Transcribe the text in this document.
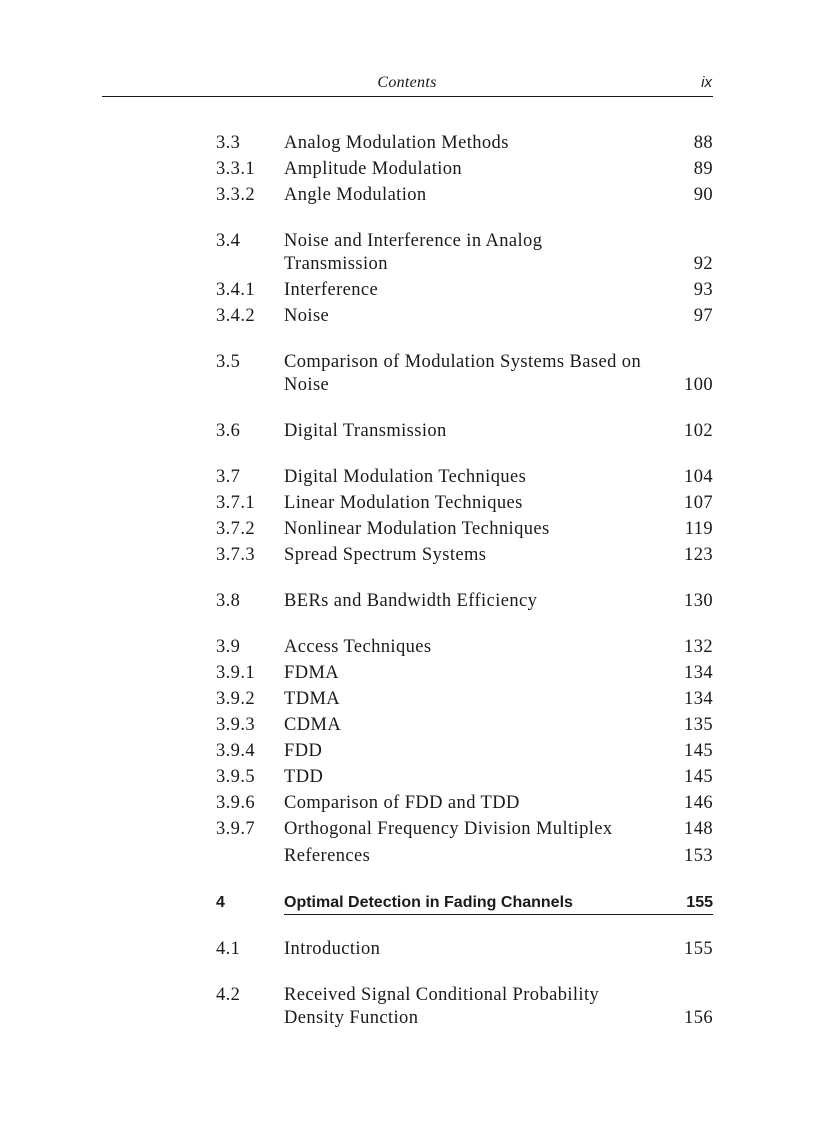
Contents	ix
3.3 Analog Modulation Methods	88
3.3.1 Amplitude Modulation	89
3.3.2 Angle Modulation	90
3.4 Noise and Interference in Analog
Transmission	92
3.4.1 Interference	93
3.4.2 Noise	97
3.5 Comparison of Modulation Systems Based on
Noise	100
3.6 Digital Transmission	102
3.7 Digital Modulation Techniques	104
3.7.1 Linear Modulation Techniques	107
3.7.2 Nonlinear Modulation Techniques	119
3.7.3 Spread Spectrum Systems	123
3.8 BERs and Bandwidth Efficiency	130
3.9 Access Techniques	132
3.9.1 FDMA	134
3.9.2 TDMA	134
3.9.3 CDMA	135
3.9.4 FDD	145
3.9.5 TDD	145
3.9.6 Comparison of FDD and TDD	146
3.9.7 Orthogonal Frequency Division Multiplex	148
References	153
4	Optimal Detection in Fading Channels	155
4.1 Introduction	155
4.2 Received Signal Conditional Probability
Density Function	156
